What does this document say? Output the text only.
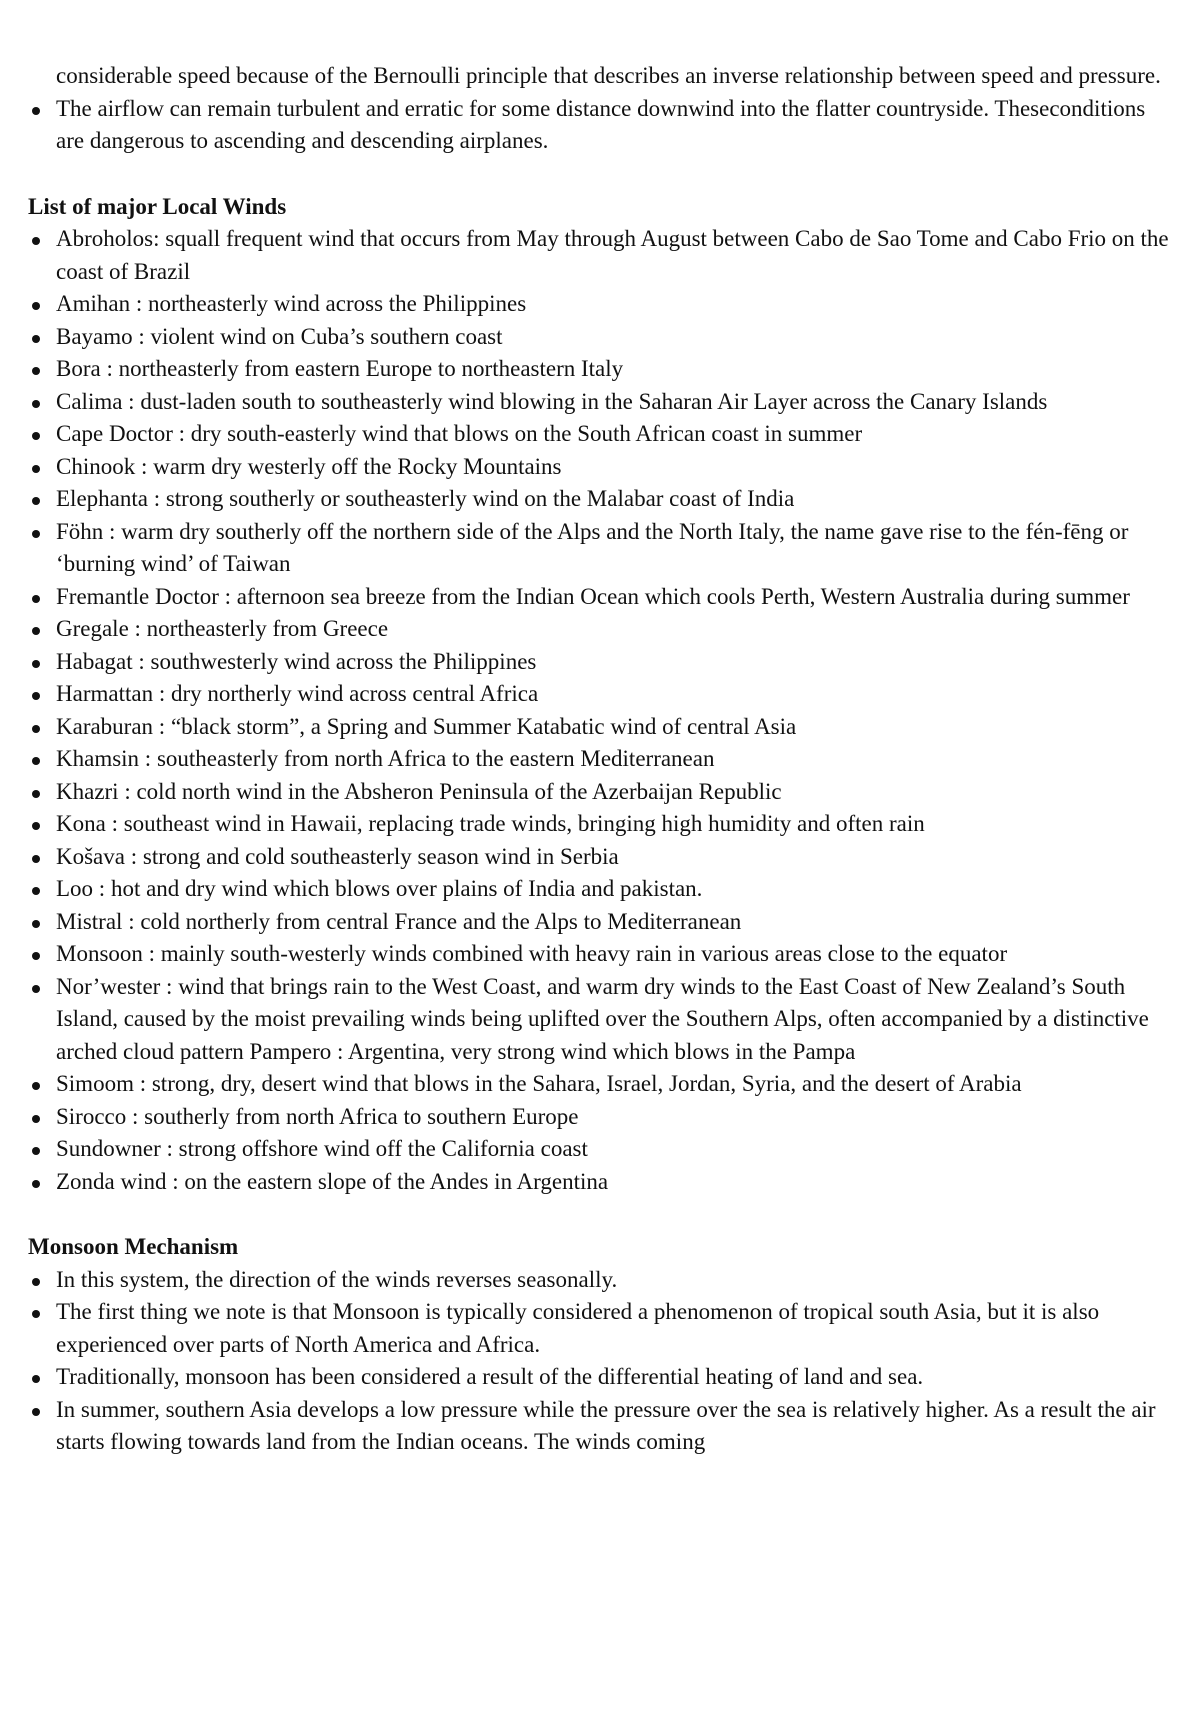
considerable speed because of the Bernoulli principle that describes an inverse relationship between speed and pressure.
The airflow can remain turbulent and erratic for some distance downwind into the flatter countryside. Theseconditions are dangerous to ascending and descending airplanes.

List of major Local Winds

Abroholos: squall frequent wind that occurs from May through August between Cabo de Sao Tome and Cabo Frio on the coast of Brazil
Amihan : northeasterly wind across the Philippines
Bayamo : violent wind on Cuba’s southern coast
Bora : northeasterly from eastern Europe to northeastern Italy
Calima : dust-laden south to southeasterly wind blowing in the Saharan Air Layer across the Canary Islands
Cape Doctor : dry south-easterly wind that blows on the South African coast in summer
Chinook : warm dry westerly off the Rocky Mountains
Elephanta : strong southerly or southeasterly wind on the Malabar coast of India
Föhn : warm dry southerly off the northern side of the Alps and the North Italy, the name gave rise to the fén-fēng or ‘burning wind’ of Taiwan
Fremantle Doctor : afternoon sea breeze from the Indian Ocean which cools Perth, Western Australia during summer
Gregale : northeasterly from Greece
Habagat : southwesterly wind across the Philippines
Harmattan : dry northerly wind across central Africa
Karaburan : “black storm”, a Spring and Summer Katabatic wind of central Asia
Khamsin : southeasterly from north Africa to the eastern Mediterranean
Khazri : cold north wind in the Absheron Peninsula of the Azerbaijan Republic
Kona : southeast wind in Hawaii, replacing trade winds, bringing high humidity and often rain
Košava : strong and cold southeasterly season wind in Serbia
Loo : hot and dry wind which blows over plains of India and pakistan.
Mistral : cold northerly from central France and the Alps to Mediterranean
Monsoon : mainly south-westerly winds combined with heavy rain in various areas close to the equator
Nor’wester : wind that brings rain to the West Coast, and warm dry winds to the East Coast of New Zealand’s South Island, caused by the moist prevailing winds being uplifted over the Southern Alps, often accompanied by a distinctive arched cloud pattern Pampero : Argentina, very strong wind which blows in the Pampa
Simoom : strong, dry, desert wind that blows in the Sahara, Israel, Jordan, Syria, and the desert of Arabia
Sirocco : southerly from north Africa to southern Europe
Sundowner : strong offshore wind off the California coast
Zonda wind : on the eastern slope of the Andes in Argentina

Monsoon Mechanism

In this system, the direction of the winds reverses seasonally.
The first thing we note is that Monsoon is typically considered a phenomenon of tropical south Asia, but it is also experienced over parts of North America and Africa.
Traditionally, monsoon has been considered a result of the differential heating of land and sea.
In summer, southern Asia develops a low pressure while the pressure over the sea is relatively higher. As a result the air starts flowing towards land from the Indian oceans. The winds coming
